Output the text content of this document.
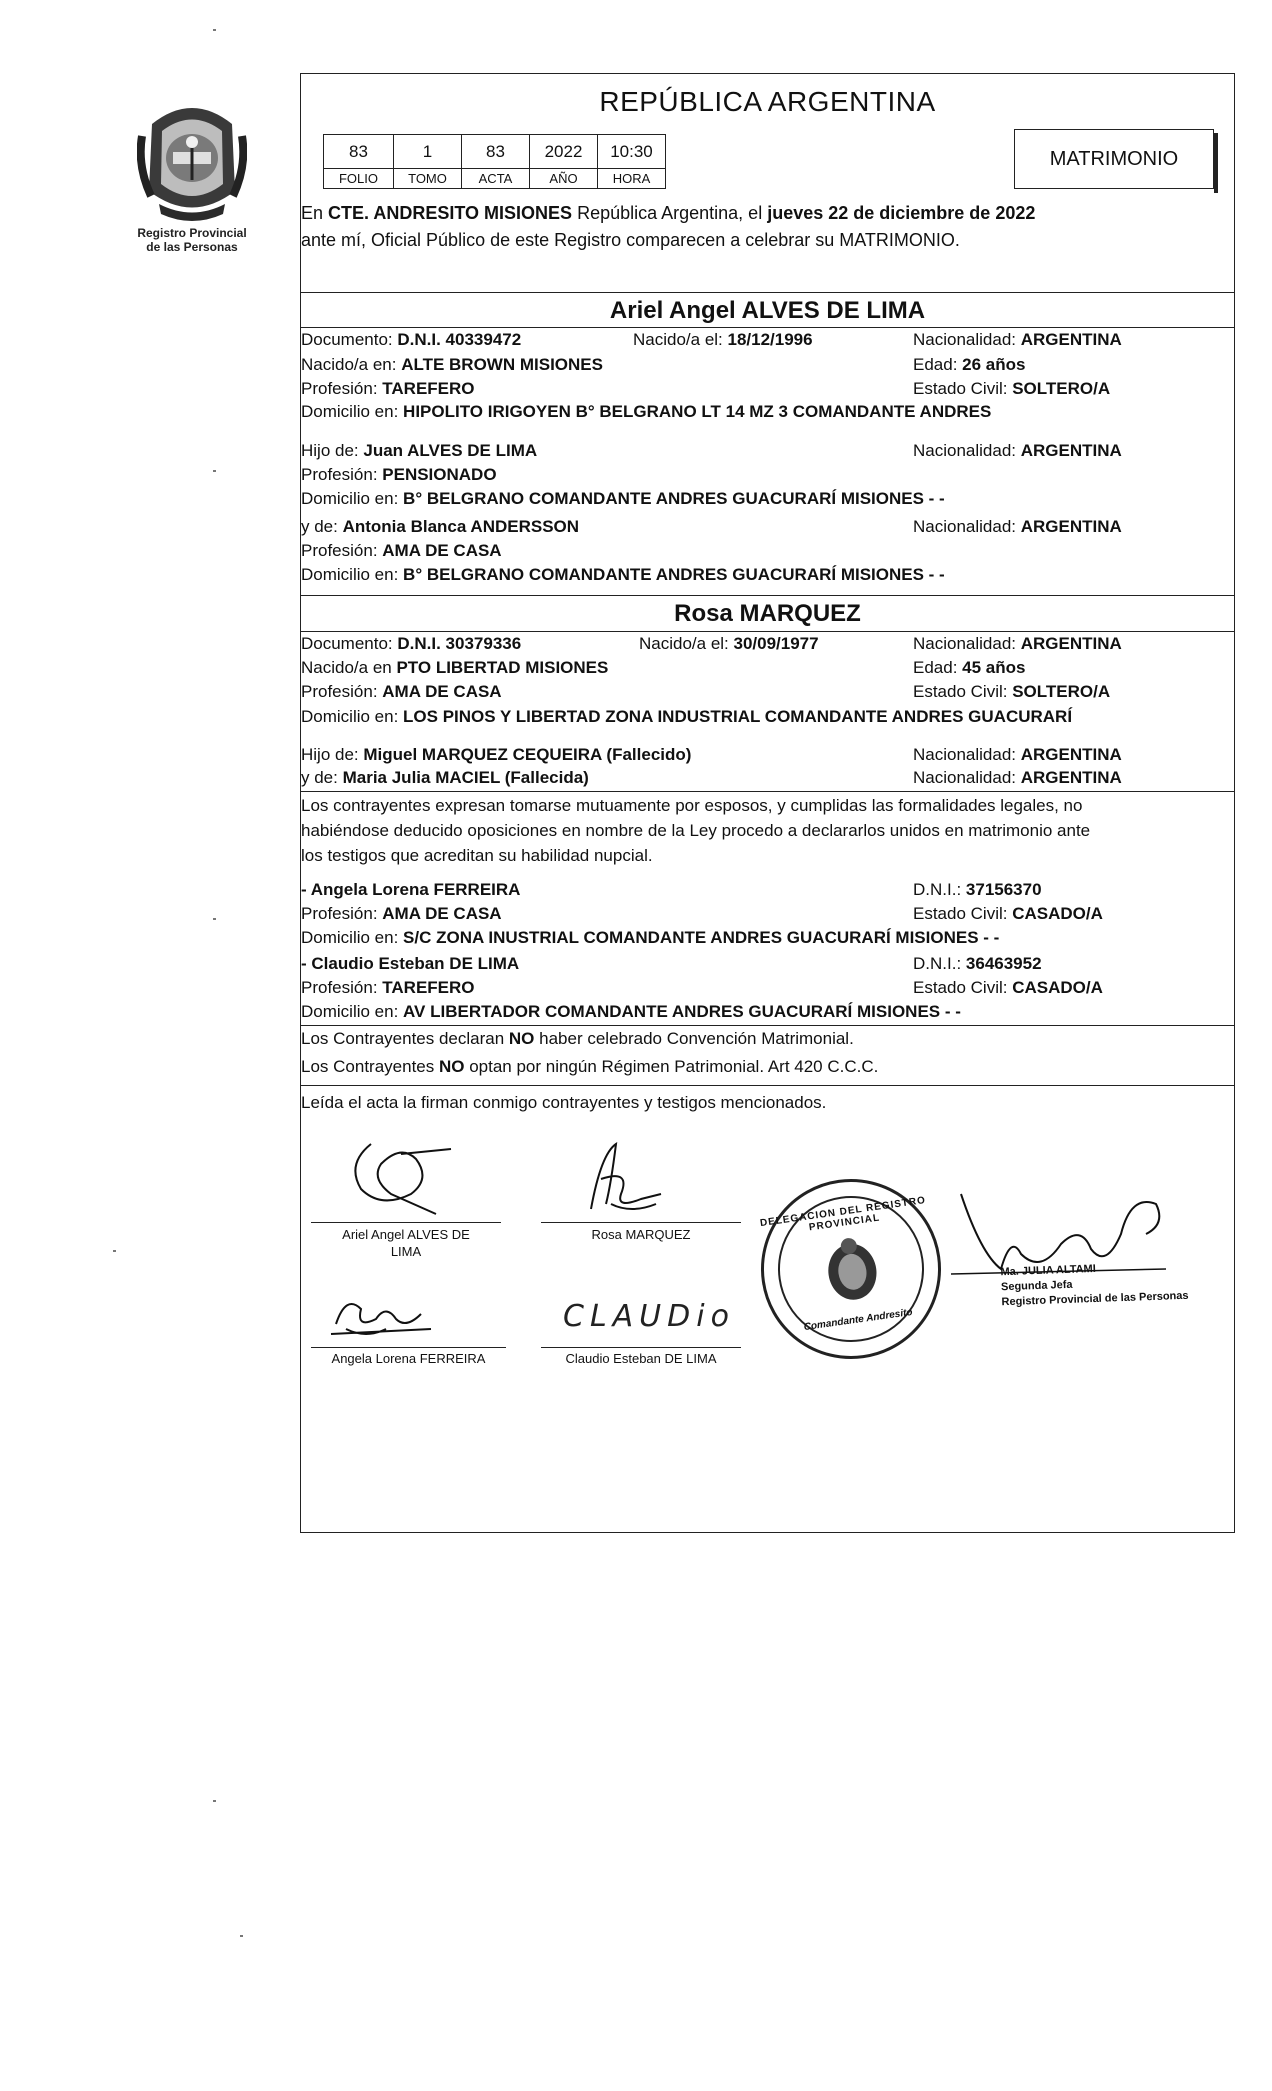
Registro Provincial
de las Personas
REPÚBLICA ARGENTINA
83	1	83	2022	10:30
FOLIO	TOMO	ACTA	AÑO	HORA
MATRIMONIO
En CTE. ANDRESITO MISIONES República Argentina, el jueves 22 de diciembre de 2022
ante mí, Oficial Público de este Registro comparecen a celebrar su MATRIMONIO.
Ariel Angel ALVES DE LIMA
Documento: D.N.I. 40339472	Nacido/a el: 18/12/1996	Nacionalidad: ARGENTINA
Nacido/a en: ALTE BROWN MISIONES	Edad: 26 años
Profesión: TAREFERO	Estado Civil: SOLTERO/A
Domicilio en: HIPOLITO IRIGOYEN B° BELGRANO LT 14 MZ 3 COMANDANTE ANDRES
Hijo de: Juan ALVES DE LIMA	Nacionalidad: ARGENTINA
Profesión: PENSIONADO
Domicilio en: B° BELGRANO COMANDANTE ANDRES GUACURARÍ MISIONES - -
y de: Antonia Blanca ANDERSSON	Nacionalidad: ARGENTINA
Profesión: AMA DE CASA
Domicilio en: B° BELGRANO COMANDANTE ANDRES GUACURARÍ MISIONES - -
Rosa MARQUEZ
Documento: D.N.I. 30379336	Nacido/a el: 30/09/1977	Nacionalidad: ARGENTINA
Nacido/a en PTO LIBERTAD MISIONES	Edad: 45 años
Profesión: AMA DE CASA	Estado Civil: SOLTERO/A
Domicilio en: LOS PINOS Y LIBERTAD ZONA INDUSTRIAL COMANDANTE ANDRES GUACURARÍ
Hijo de: Miguel MARQUEZ CEQUEIRA (Fallecido)	Nacionalidad: ARGENTINA
y de: Maria Julia MACIEL (Fallecida)	Nacionalidad: ARGENTINA
Los contrayentes expresan tomarse mutuamente por esposos, y cumplidas las formalidades legales, no
habiéndose deducido oposiciones en nombre de la Ley procedo a declararlos unidos en matrimonio ante
los testigos que acreditan su habilidad nupcial.
- Angela Lorena FERREIRA	D.N.I.: 37156370
Profesión: AMA DE CASA	Estado Civil: CASADO/A
Domicilio en: S/C ZONA INUSTRIAL COMANDANTE ANDRES GUACURARÍ MISIONES - -
- Claudio Esteban DE LIMA	D.N.I.: 36463952
Profesión: TAREFERO	Estado Civil: CASADO/A
Domicilio en: AV LIBERTADOR COMANDANTE ANDRES GUACURARÍ MISIONES - -
Los Contrayentes declaran NO haber celebrado Convención Matrimonial.
Los Contrayentes NO optan por ningún Régimen Patrimonial. Art 420 C.C.C.
Leída el acta la firman conmigo contrayentes y testigos mencionados.
Ariel Angel ALVES DE
LIMA
Rosa MARQUEZ
Angela Lorena FERREIRA
CLAUDio
Claudio Esteban DE LIMA
DELEGACION DEL REGISTRO PROVINCIAL
Comandante Andresito
Ma. JULIA ALTAMI
Segunda Jefa
Registro Provincial de las Personas
